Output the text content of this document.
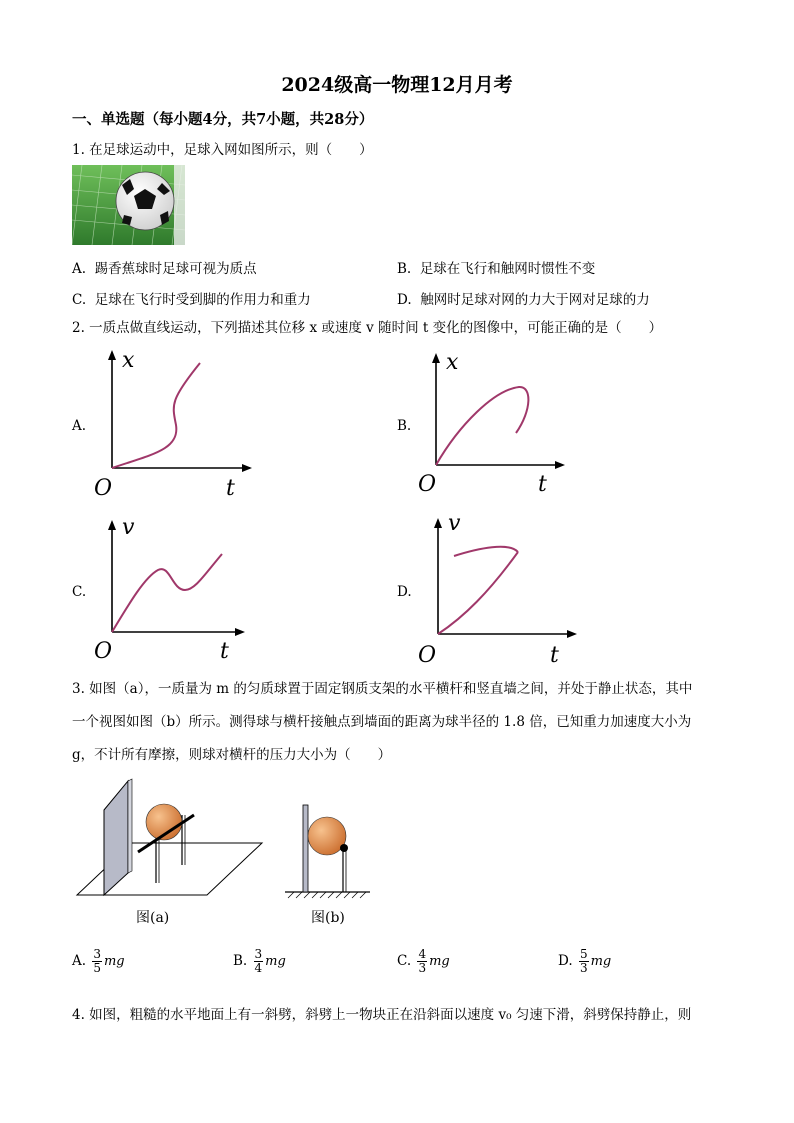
2024级高一物理12月月考
一、单选题（每小题4分，共7小题，共28分）
1. 在足球运动中，足球入网如图所示，则（　　）
A. 踢香蕉球时足球可视为质点	B. 足球在飞行和触网时惯性不变
C. 足球在飞行时受到脚的作用力和重力	D. 触网时足球对网的力大于网对足球的力
2. 一质点做直线运动，下列描述其位移 x 或速度 v 随时间 t 变化的图像中，可能正确的是（　　）
A.
x
t
O
B.
x
t
O
C.
v
t
O
D.
v
t
O
3. 如图（a），一质量为 m 的匀质球置于固定钢质支架的水平横杆和竖直墙之间，并处于静止状态，其中
一个视图如图（b）所示。测得球与横杆接触点到墙面的距离为球半径的 1.8 倍，已知重力加速度大小为
g，不计所有摩擦，则球对横杆的压力大小为（　　）
图(a)	图(b)
A. $\frac{3}{5}$ mg	B. $\frac{3}{4}$ mg	C. $\frac{4}{3}$ mg	D. $\frac{5}{3}$ mg
4. 如图，粗糙的水平地面上有一斜劈，斜劈上一物块正在沿斜面以速度 v₀ 匀速下滑，斜劈保持静止，则
